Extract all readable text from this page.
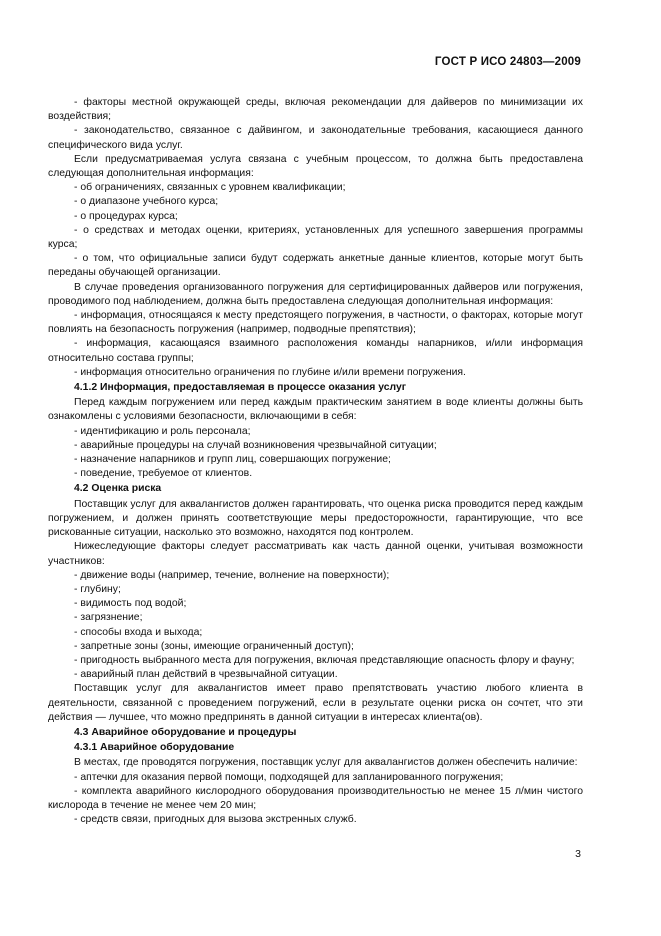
ГОСТ Р ИСО 24803—2009

- факторы местной окружающей среды, включая рекомендации для дайверов по минимизации их воздействия;

- законодательство, связанное с дайвингом, и законодательные требования, касающиеся данного специфического вида услуг.

Если предусматриваемая услуга связана с учебным процессом, то должна быть предоставлена следующая дополнительная информация:

- об ограничениях, связанных с уровнем квалификации;

- о диапазоне учебного курса;

- о процедурах курса;

- о средствах и методах оценки, критериях, установленных для успешного завершения программы курса;

- о том, что официальные записи будут содержать анкетные данные клиентов, которые могут быть переданы обучающей организации.

В случае проведения организованного погружения для сертифицированных дайверов или погружения, проводимого под наблюдением, должна быть предоставлена следующая дополнительная информация:

- информация, относящаяся к месту предстоящего погружения, в частности, о факторах, которые могут повлиять на безопасность погружения (например, подводные препятствия);

- информация, касающаяся взаимного расположения команды напарников, и/или информация относительно состава группы;

- информация относительно ограничения по глубине и/или времени погружения.

4.1.2 Информация, предоставляемая в процессе оказания услуг

Перед каждым погружением или перед каждым практическим занятием в воде клиенты должны быть ознакомлены с условиями безопасности, включающими в себя:

- идентификацию и роль персонала;

- аварийные процедуры на случай возникновения чрезвычайной ситуации;

- назначение напарников и групп лиц, совершающих погружение;

- поведение, требуемое от клиентов.

4.2 Оценка риска

Поставщик услуг для аквалангистов должен гарантировать, что оценка риска проводится перед каждым погружением, и должен принять соответствующие меры предосторожности, гарантирующие, что все рискованные ситуации, насколько это возможно, находятся под контролем.

Нижеследующие факторы следует рассматривать как часть данной оценки, учитывая возможности участников:

- движение воды (например, течение, волнение на поверхности);

- глубину;

- видимость под водой;

- загрязнение;

- способы входа и выхода;

- запретные зоны (зоны, имеющие ограниченный доступ);

- пригодность выбранного места для погружения, включая представляющие опасность флору и фауну;

- аварийный план действий в чрезвычайной ситуации.

Поставщик услуг для аквалангистов имеет право препятствовать участию любого клиента в деятельности, связанной с проведением погружений, если в результате оценки риска он сочтет, что эти действия — лучшее, что можно предпринять в данной ситуации в интересах клиента(ов).

4.3 Аварийное оборудование и процедуры

4.3.1 Аварийное оборудование

В местах, где проводятся погружения, поставщик услуг для аквалангистов должен обеспечить наличие:

- аптечки для оказания первой помощи, подходящей для запланированного погружения;

- комплекта аварийного кислородного оборудования производительностью не менее 15 л/мин чистого кислорода в течение не менее чем 20 мин;

- средств связи, пригодных для вызова экстренных служб.

3
